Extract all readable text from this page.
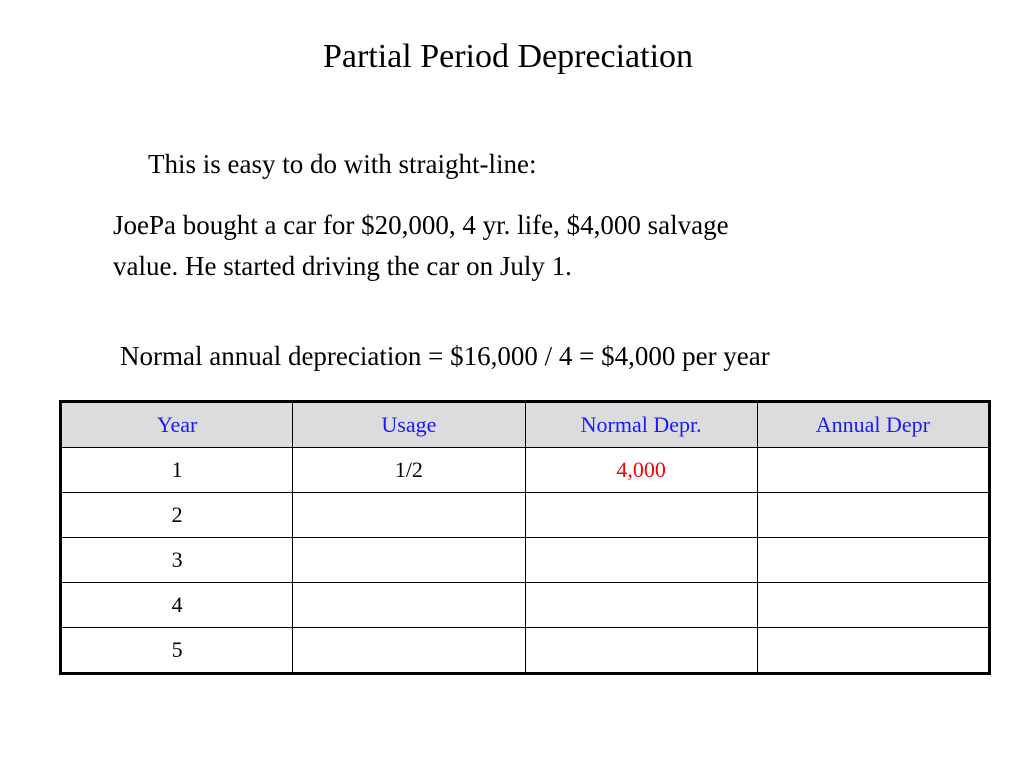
Partial Period Depreciation
This is easy to do with straight-line:
JoePa bought a car for $20,000, 4 yr. life, $4,000 salvage
value. He started driving the car on July 1.
Normal annual depreciation = $16,000 / 4 = $4,000 per year
Year	Usage	Normal Depr.	Annual Depr
1	1/2	4,000	
2			
3			
4			
5			
